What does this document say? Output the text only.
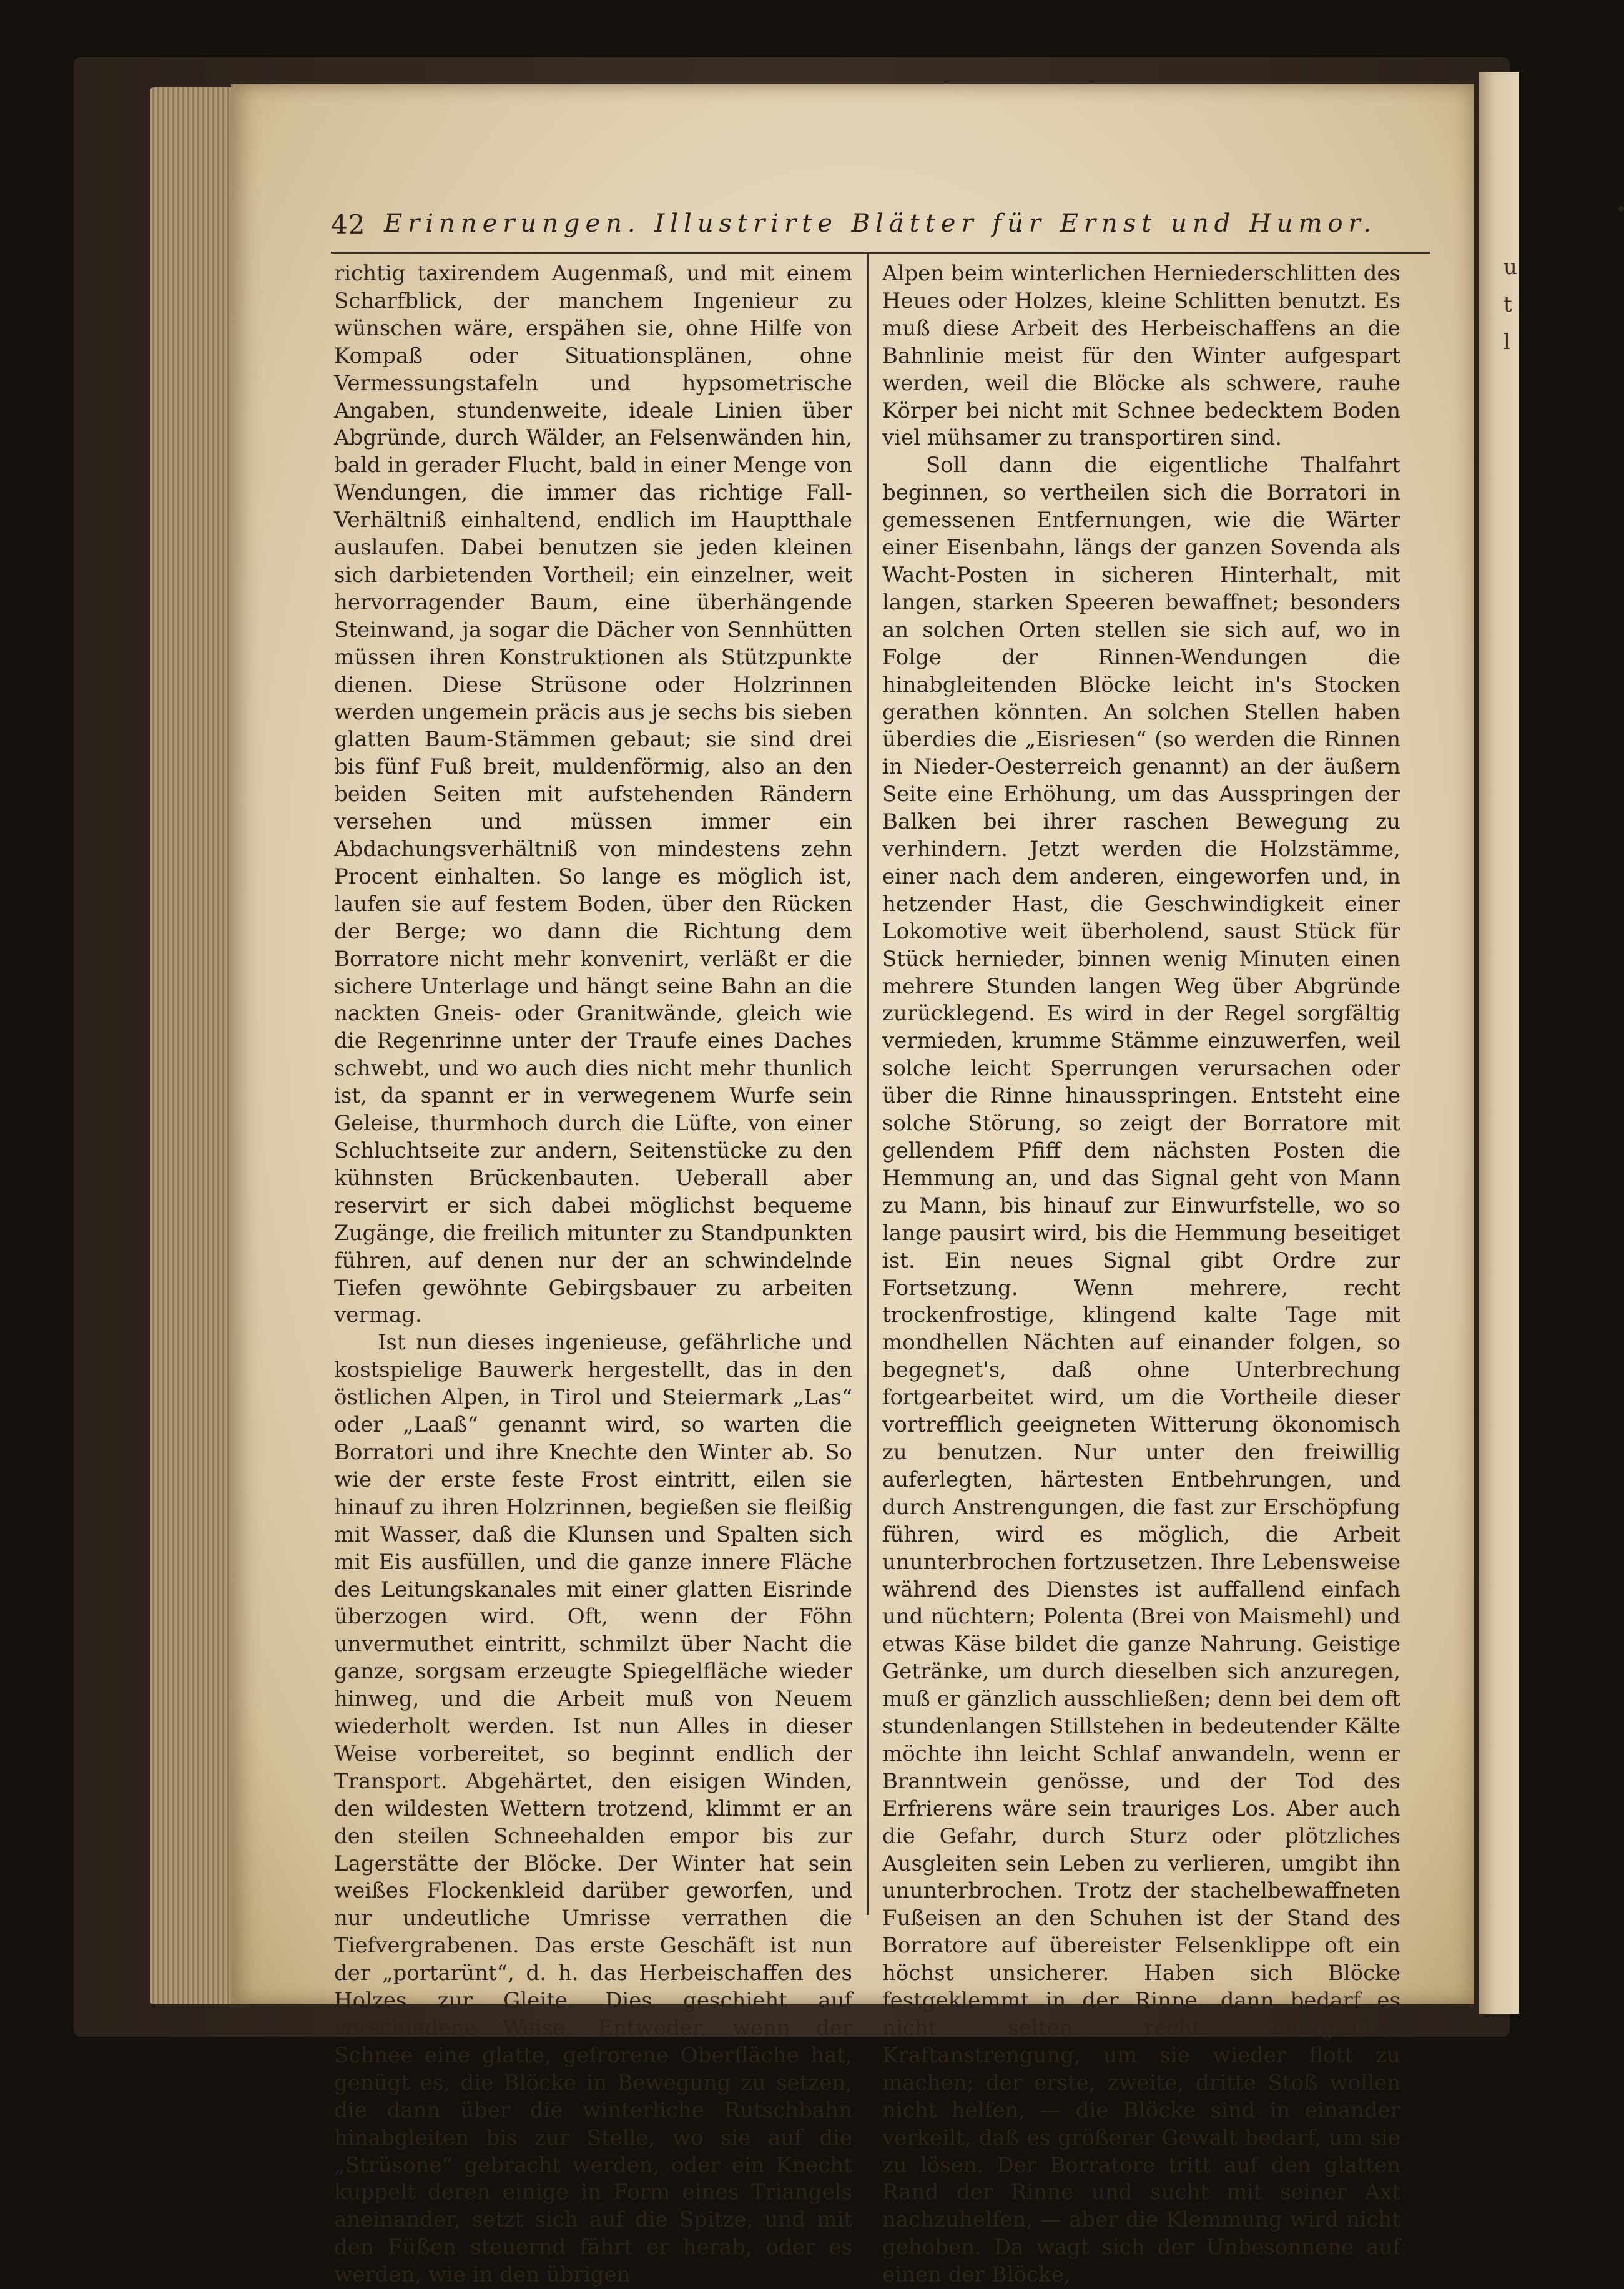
u
t
l
42 Erinnerungen. Illustrirte Blätter für Ernst und Humor.

richtig taxirendem Augenmaß, und mit einem Scharfblick, der manchem Ingenieur zu wünschen wäre, erspähen sie, ohne Hilfe von Kompaß oder Situationsplänen, ohne Vermessungstafeln und hypsometrische Angaben, stundenweite, ideale Linien über Abgründe, durch Wälder, an Felsenwänden hin, bald in gerader Flucht, bald in einer Menge von Wendungen, die immer das richtige Fall-Verhältniß einhaltend, endlich im Hauptthale auslaufen. Dabei benutzen sie jeden kleinen sich darbietenden Vortheil; ein einzelner, weit hervorragender Baum, eine überhängende Steinwand, ja sogar die Dächer von Sennhütten müssen ihren Konstruktionen als Stützpunkte dienen. Diese Strüsone oder Holzrinnen werden ungemein präcis aus je sechs bis sieben glatten Baum-Stämmen gebaut; sie sind drei bis fünf Fuß breit, muldenförmig, also an den beiden Seiten mit aufstehenden Rändern versehen und müssen immer ein Abdachungsverhältniß von mindestens zehn Procent einhalten. So lange es möglich ist, laufen sie auf festem Boden, über den Rücken der Berge; wo dann die Richtung dem Borratore nicht mehr konvenirt, verläßt er die sichere Unterlage und hängt seine Bahn an die nackten Gneis- oder Granitwände, gleich wie die Regenrinne unter der Traufe eines Daches schwebt, und wo auch dies nicht mehr thunlich ist, da spannt er in verwegenem Wurfe sein Geleise, thurmhoch durch die Lüfte, von einer Schluchtseite zur andern, Seitenstücke zu den kühnsten Brückenbauten. Ueberall aber reservirt er sich dabei möglichst bequeme Zugänge, die freilich mitunter zu Standpunkten führen, auf denen nur der an schwindelnde Tiefen gewöhnte Gebirgsbauer zu arbeiten vermag.

Ist nun dieses ingenieuse, gefährliche und kostspielige Bauwerk hergestellt, das in den östlichen Alpen, in Tirol und Steiermark „Las“ oder „Laaß“ genannt wird, so warten die Borratori und ihre Knechte den Winter ab. So wie der erste feste Frost eintritt, eilen sie hinauf zu ihren Holzrinnen, begießen sie fleißig mit Wasser, daß die Klunsen und Spalten sich mit Eis ausfüllen, und die ganze innere Fläche des Leitungskanales mit einer glatten Eisrinde überzogen wird. Oft, wenn der Föhn unvermuthet eintritt, schmilzt über Nacht die ganze, sorgsam erzeugte Spiegelfläche wieder hinweg, und die Arbeit muß von Neuem wiederholt werden. Ist nun Alles in dieser Weise vorbereitet, so beginnt endlich der Transport. Abgehärtet, den eisigen Winden, den wildesten Wettern trotzend, klimmt er an den steilen Schneehalden empor bis zur Lagerstätte der Blöcke. Der Winter hat sein weißes Flockenkleid darüber geworfen, und nur undeutliche Umrisse verrathen die Tiefvergrabenen. Das erste Geschäft ist nun der „portarünt“, d. h. das Herbeischaffen des Holzes zur Gleite. Dies geschieht auf verschiedene Weise. Entweder, wenn der Schnee eine glatte, gefrorene Oberfläche hat, genügt es, die Blöcke in Bewegung zu setzen, die dann über die winterliche Rutschbahn hinabgleiten bis zur Stelle, wo sie auf die „Strüsone“ gebracht werden, oder ein Knecht kuppelt deren einige in Form eines Triangels aneinander, setzt sich auf die Spitze, und mit den Füßen steuernd fährt er herab, oder es werden, wie in den übrigen

Alpen beim winterlichen Herniederschlitten des Heues oder Holzes, kleine Schlitten benutzt. Es muß diese Arbeit des Herbeischaffens an die Bahnlinie meist für den Winter aufgespart werden, weil die Blöcke als schwere, rauhe Körper bei nicht mit Schnee bedecktem Boden viel mühsamer zu transportiren sind.

Soll dann die eigentliche Thalfahrt beginnen, so vertheilen sich die Borratori in gemessenen Entfernungen, wie die Wärter einer Eisenbahn, längs der ganzen Sovenda als Wacht-Posten in sicheren Hinterhalt, mit langen, starken Speeren bewaffnet; besonders an solchen Orten stellen sie sich auf, wo in Folge der Rinnen-Wendungen die hinabgleitenden Blöcke leicht in's Stocken gerathen könnten. An solchen Stellen haben überdies die „Eisriesen“ (so werden die Rinnen in Nieder-Oesterreich genannt) an der äußern Seite eine Erhöhung, um das Ausspringen der Balken bei ihrer raschen Bewegung zu verhindern. Jetzt werden die Holzstämme, einer nach dem anderen, eingeworfen und, in hetzender Hast, die Geschwindigkeit einer Lokomotive weit überholend, saust Stück für Stück hernieder, binnen wenig Minuten einen mehrere Stunden langen Weg über Abgründe zurücklegend. Es wird in der Regel sorgfältig vermieden, krumme Stämme einzuwerfen, weil solche leicht Sperrungen verursachen oder über die Rinne hinausspringen. Entsteht eine solche Störung, so zeigt der Borratore mit gellendem Pfiff dem nächsten Posten die Hemmung an, und das Signal geht von Mann zu Mann, bis hinauf zur Einwurfstelle, wo so lange pausirt wird, bis die Hemmung beseitiget ist. Ein neues Signal gibt Ordre zur Fortsetzung. Wenn mehrere, recht trockenfrostige, klingend kalte Tage mit mondhellen Nächten auf einander folgen, so begegnet's, daß ohne Unterbrechung fortgearbeitet wird, um die Vortheile dieser vortrefflich geeigneten Witterung ökonomisch zu benutzen. Nur unter den freiwillig auferlegten, härtesten Entbehrungen, und durch Anstrengungen, die fast zur Erschöpfung führen, wird es möglich, die Arbeit ununterbrochen fortzusetzen. Ihre Lebensweise während des Dienstes ist auffallend einfach und nüchtern; Polenta (Brei von Maismehl) und etwas Käse bildet die ganze Nahrung. Geistige Getränke, um durch dieselben sich anzuregen, muß er gänzlich ausschließen; denn bei dem oft stundenlangen Stillstehen in bedeutender Kälte möchte ihn leicht Schlaf anwandeln, wenn er Branntwein genösse, und der Tod des Erfrierens wäre sein trauriges Los. Aber auch die Gefahr, durch Sturz oder plötzliches Ausgleiten sein Leben zu verlieren, umgibt ihn ununterbrochen. Trotz der stachelbewaffneten Fußeisen an den Schuhen ist der Stand des Borratore auf übereister Felsenklippe oft ein höchst unsicherer. Haben sich Blöcke festgeklemmt in der Rinne, dann bedarf es nicht selten recht energischer Kraftanstrengung, um sie wieder flott zu machen; der erste, zweite, dritte Stoß wollen nicht helfen, — die Blöcke sind in einander verkeilt, daß es größerer Gewalt bedarf, um sie zu lösen. Der Borratore tritt auf den glatten Rand der Rinne und sucht mit seiner Axt nachzuhelfen, — aber die Klemmung wird nicht gehoben. Da wagt sich der Unbesonnene auf einen der Blöcke,
